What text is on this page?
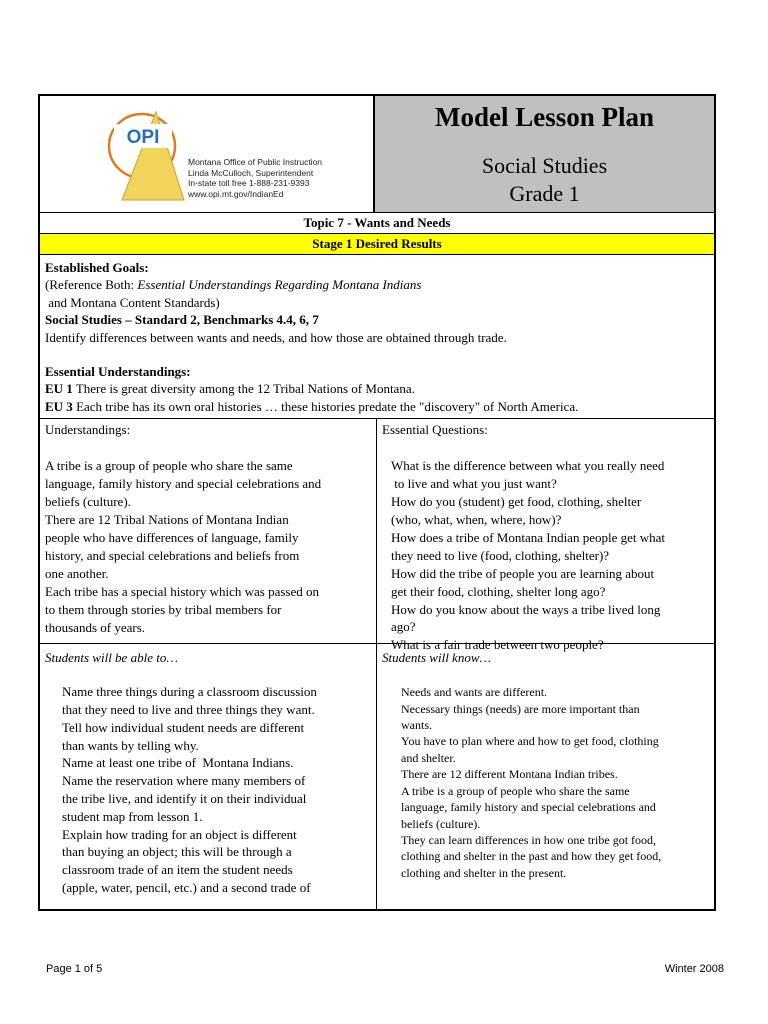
OPI
Montana Office of Public Instruction
Linda McCulloch, Superintendent
In-state toll free 1-888-231-9393
www.opi.mt.gov/IndianEd
Model Lesson Plan
Social Studies
Grade 1
Topic 7 - Wants and Needs
Stage 1 Desired Results

Established Goals:

(Reference Both: Essential Understandings Regarding Montana Indians

and Montana Content Standards)

Social Studies – Standard 2, Benchmarks 4.4, 6, 7

Identify differences between wants and needs, and how those are obtained through trade.

Essential Understandings:

EU 1 There is great diversity among the 12 Tribal Nations of Montana.

EU 3 Each tribe has its own oral histories … these histories predate the "discovery" of North America.

Understandings:
A tribe is a group of people who share the same
language, family history and special celebrations and
beliefs (culture).
There are 12 Tribal Nations of Montana Indian
people who have differences of language, family
history, and special celebrations and beliefs from
one another.
Each tribe has a special history which was passed on
to them through stories by tribal members for
thousands of years.
Essential Questions:
What is the difference between what you really need
to live and what you just want?
How do you (student) get food, clothing, shelter
(who, what, when, where, how)?
How does a tribe of Montana Indian people get what
they need to live (food, clothing, shelter)?
How did the tribe of people you are learning about
get their food, clothing, shelter long ago?
How do you know about the ways a tribe lived long
ago?
What is a fair trade between two people?
Students will be able to…
Name three things during a classroom discussion
that they need to live and three things they want.
Tell how individual student needs are different
than wants by telling why.
Name at least one tribe of  Montana Indians.
Name the reservation where many members of
the tribe live, and identify it on their individual
student map from lesson 1.
Explain how trading for an object is different
than buying an object; this will be through a
classroom trade of an item the student needs
(apple, water, pencil, etc.) and a second trade of
Students will know…
Needs and wants are different.
Necessary things (needs) are more important than
wants.
You have to plan where and how to get food, clothing
and shelter.
There are 12 different Montana Indian tribes.
A tribe is a group of people who share the same
language, family history and special celebrations and
beliefs (culture).
They can learn differences in how one tribe got food,
clothing and shelter in the past and how they get food,
clothing and shelter in the present.
Page 1 of 5	Winter 2008
